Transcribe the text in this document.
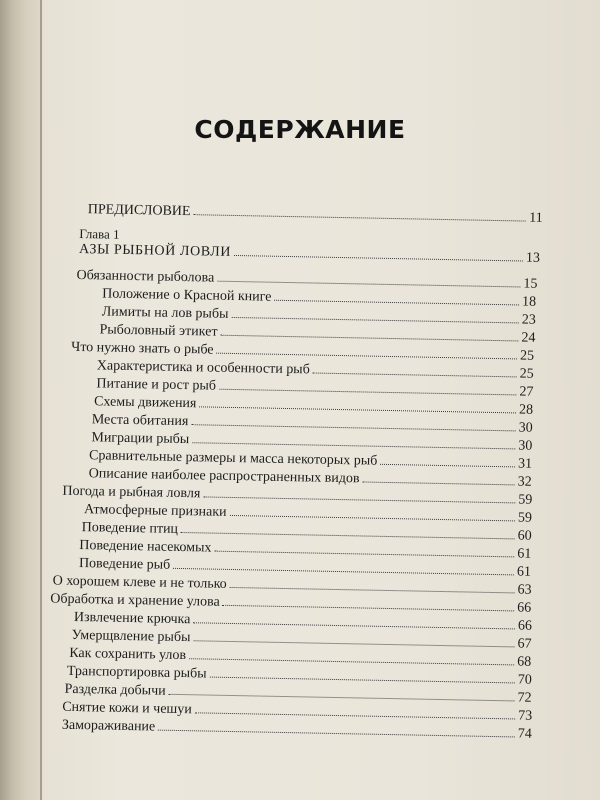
СОДЕРЖАНИЕ
ПРЕДИСЛОВИЕ	11
Глава 1
АЗЫ РЫБНОЙ ЛОВЛИ	13
Обязанности рыболова	15
Положение о Красной книге	18
Лимиты на лов рыбы	23
Рыболовный этикет	24
Что нужно знать о рыбе	25
Характеристика и особенности рыб	25
Питание и рост рыб	27
Схемы движения	28
Места обитания	30
Миграции рыбы	30
Сравнительные размеры и масса некоторых рыб	31
Описание наиболее распространенных видов	32
Погода и рыбная ловля	59
Атмосферные признаки	59
Поведение птиц	60
Поведение насекомых	61
Поведение рыб	61
О хорошем клеве и не только	63
Обработка и хранение улова	66
Извлечение крючка	66
Умерщвление рыбы	67
Как сохранить улов	68
Транспортировка рыбы	70
Разделка добычи	72
Снятие кожи и чешуи	73
Замораживание	74
